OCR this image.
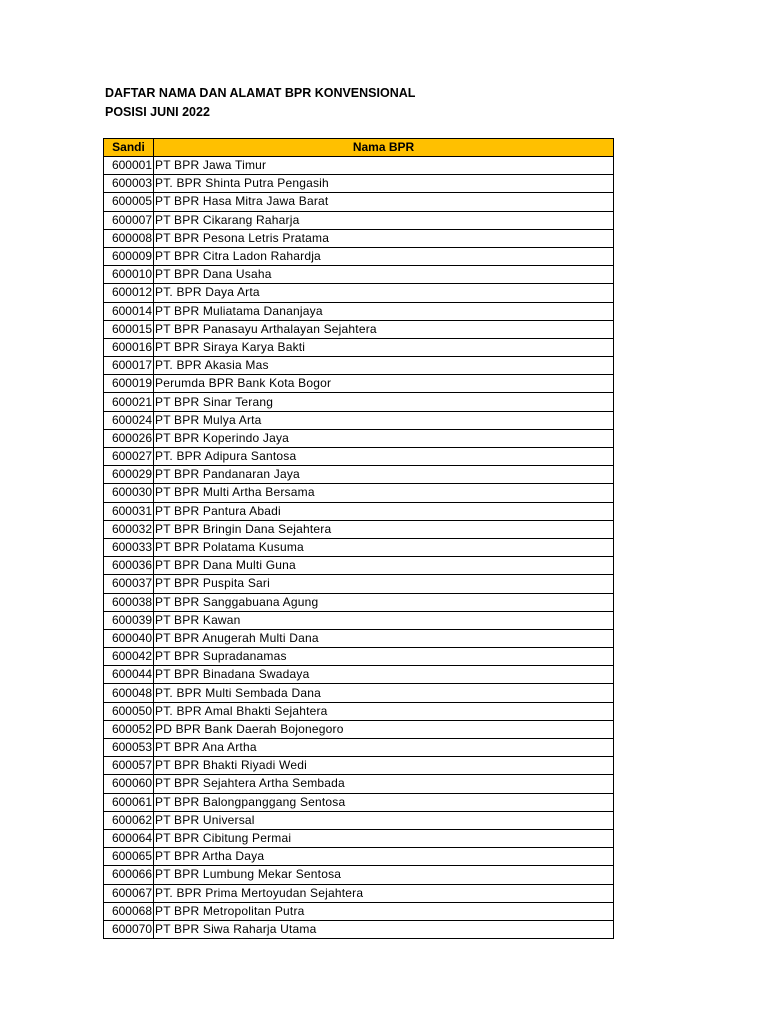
DAFTAR NAMA DAN ALAMAT BPR KONVENSIONAL
POSISI JUNI 2022
Sandi	Nama BPR
600001	PT BPR Jawa Timur
600003	PT. BPR Shinta Putra Pengasih
600005	PT BPR Hasa Mitra Jawa Barat
600007	PT BPR Cikarang Raharja
600008	PT BPR Pesona Letris Pratama
600009	PT BPR Citra Ladon Rahardja
600010	PT BPR Dana Usaha
600012	PT. BPR Daya Arta
600014	PT BPR Muliatama Dananjaya
600015	PT BPR Panasayu Arthalayan Sejahtera
600016	PT BPR Siraya Karya Bakti
600017	PT. BPR Akasia Mas
600019	Perumda BPR Bank Kota Bogor
600021	PT BPR Sinar Terang
600024	PT BPR Mulya Arta
600026	PT BPR Koperindo Jaya
600027	PT. BPR Adipura Santosa
600029	PT BPR Pandanaran Jaya
600030	PT BPR Multi Artha Bersama
600031	PT BPR Pantura Abadi
600032	PT BPR Bringin Dana Sejahtera
600033	PT BPR Polatama Kusuma
600036	PT BPR Dana Multi Guna
600037	PT BPR Puspita Sari
600038	PT BPR Sanggabuana Agung
600039	PT BPR Kawan
600040	PT BPR Anugerah Multi Dana
600042	PT BPR Supradanamas
600044	PT BPR Binadana Swadaya
600048	PT. BPR Multi Sembada Dana
600050	PT. BPR Amal Bhakti Sejahtera
600052	PD BPR Bank Daerah Bojonegoro
600053	PT BPR Ana Artha
600057	PT BPR Bhakti Riyadi Wedi
600060	PT BPR Sejahtera Artha Sembada
600061	PT BPR Balongpanggang Sentosa
600062	PT BPR Universal
600064	PT BPR Cibitung Permai
600065	PT BPR Artha Daya
600066	PT BPR Lumbung Mekar Sentosa
600067	PT. BPR Prima Mertoyudan Sejahtera
600068	PT BPR Metropolitan Putra
600070	PT BPR Siwa Raharja Utama
